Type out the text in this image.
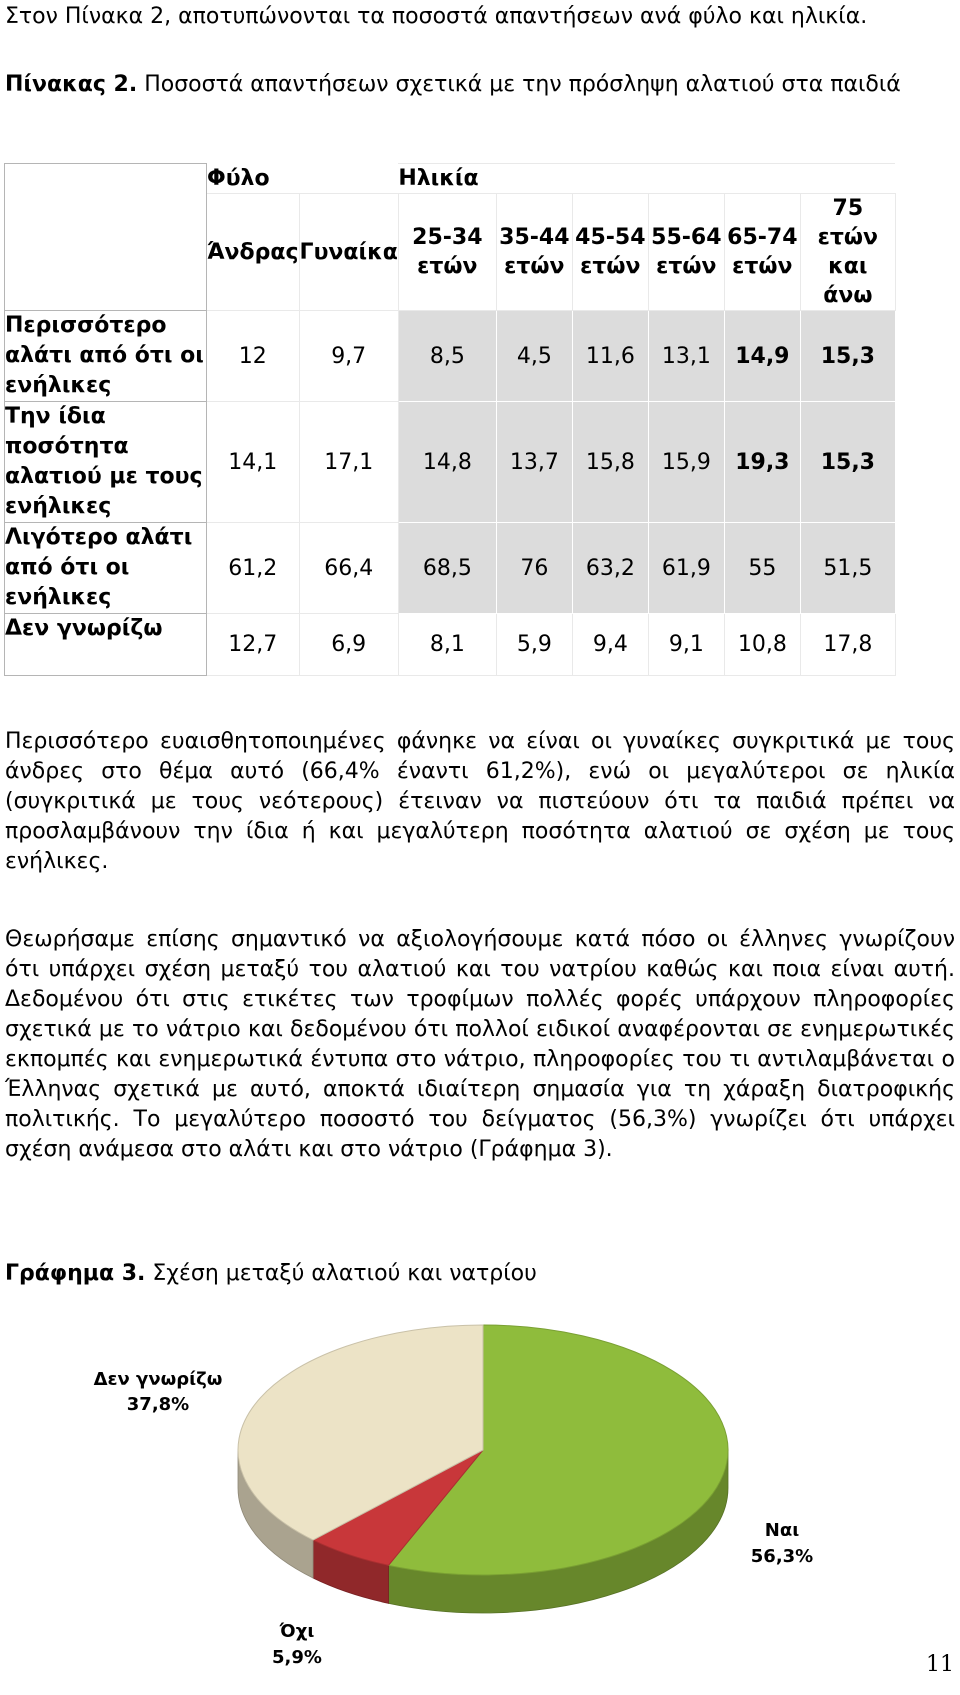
Στον Πίνακα 2, αποτυπώνονται τα ποσοστά απαντήσεων ανά φύλο και ηλικία.
Πίνακας 2. Ποσοστά απαντήσεων σχετικά με την πρόσληψη αλατιού στα παιδιά
	Φύλο		Ηλικία					
	Άνδρας	Γυναίκα	25-34 ετών	35-44 ετών	45-54 ετών	55-64 ετών	65-74 ετών	75 ετών και άνω
Περισσότερο αλάτι από ότι οι ενήλικες	12	9,7	8,5	4,5	11,6	13,1	14,9	15,3
Την ίδια ποσότητα αλατιού με τους ενήλικες	14,1	17,1	14,8	13,7	15,8	15,9	19,3	15,3
Λιγότερο αλάτι από ότι οι ενήλικες	61,2	66,4	68,5	76	63,2	61,9	55	51,5
Δεν γνωρίζω	12,7	6,9	8,1	5,9	9,4	9,1	10,8	17,8
Περισσότερο ευαισθητοποιημένες φάνηκε να είναι οι γυναίκες συγκριτικά με τους άνδρες στο θέμα αυτό (66,4% έναντι 61,2%), ενώ οι μεγαλύτεροι σε ηλικία (συγκριτικά με τους νεότερους) έτειναν να πιστεύουν ότι τα παιδιά πρέπει να προσλαμβάνουν την ίδια ή και μεγαλύτερη ποσότητα αλατιού σε σχέση με τους ενήλικες.
Θεωρήσαμε επίσης σημαντικό να αξιολογήσουμε κατά πόσο οι έλληνες γνωρίζουν ότι υπάρχει σχέση μεταξύ του αλατιού και του νατρίου καθώς και ποια είναι αυτή. Δεδομένου ότι στις ετικέτες των τροφίμων πολλές φορές υπάρχουν πληροφορίες σχετικά με το νάτριο και δεδομένου ότι πολλοί ειδικοί αναφέρονται σε ενημερωτικές εκπομπές και ενημερωτικά έντυπα στο νάτριο, πληροφορίες του τι αντιλαμβάνεται ο Έλληνας σχετικά με αυτό, αποκτά ιδιαίτερη σημασία για τη χάραξη διατροφικής πολιτικής. Το μεγαλύτερο ποσοστό του δείγματος (56,3%) γνωρίζει ότι υπάρχει σχέση ανάμεσα στο αλάτι και στο νάτριο (Γράφημα 3).
Γράφημα 3. Σχέση μεταξύ αλατιού και νατρίου
Δεν γνωρίζω
37,8%
Ναι
56,3%
Όχι
5,9%	11
